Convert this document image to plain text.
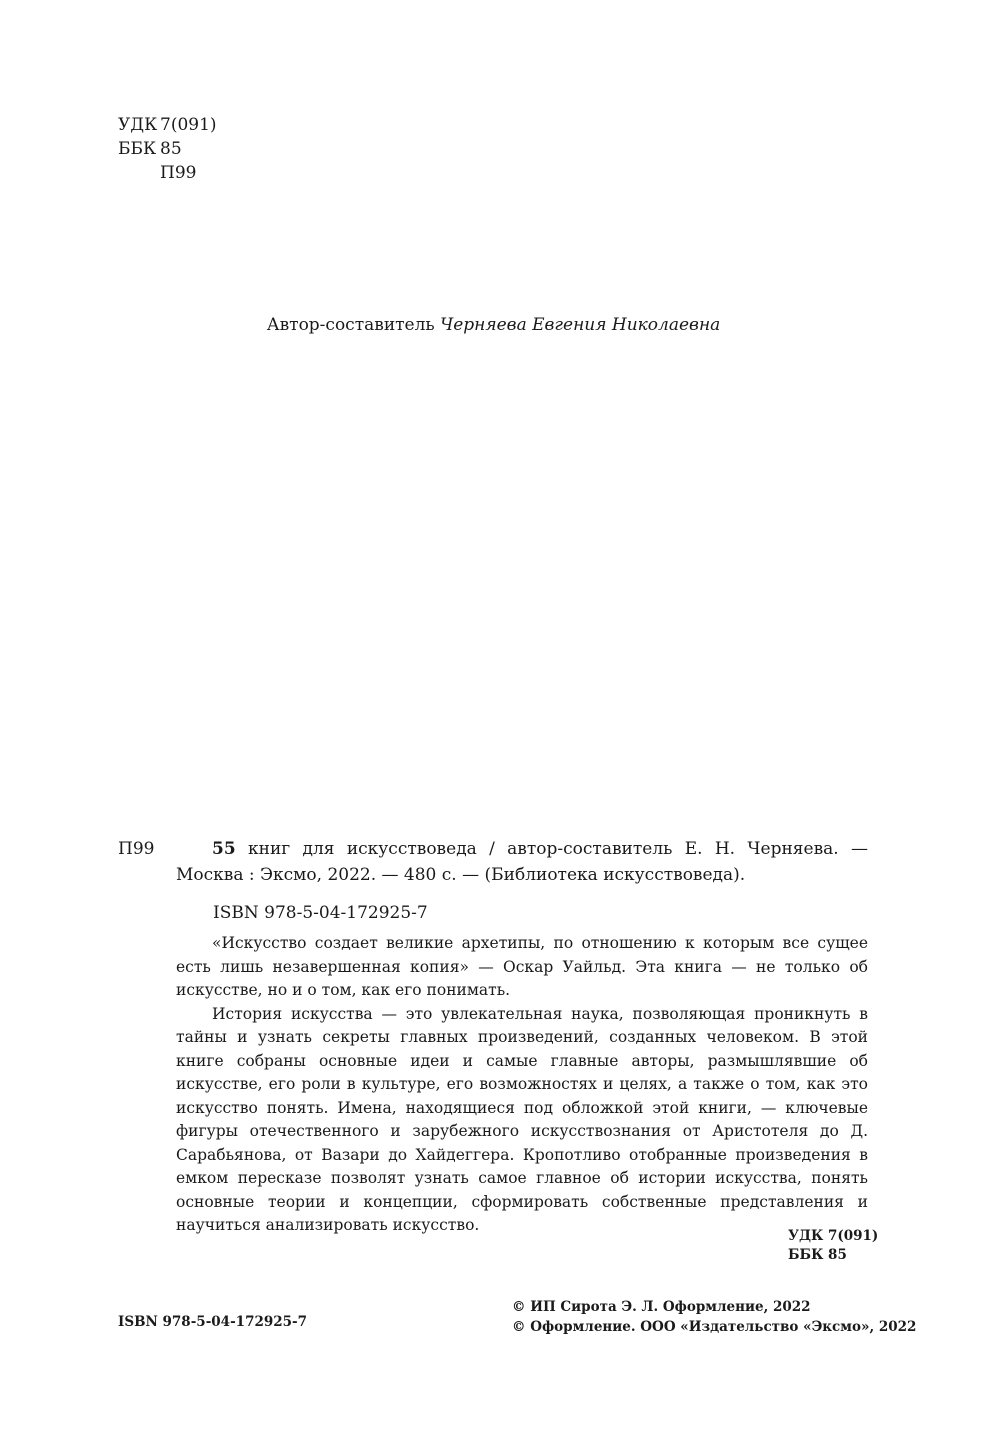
УДК 7(091)
ББК 85
П99
Автор-составитель Черняева Евгения Николаевна
П99	55 книг для искусствоведа / автор-составитель Е. Н. Черняева. —
Москва : Эксмо, 2022. — 480 с. — (Библиотека искусствоведа).
ISBN 978-5-04-172925-7

«Искусство создает великие архетипы, по отношению к которым все сущее есть лишь незавершенная копия» — Оскар Уайльд. Эта книга — не только об искусстве, но и о том, как его понимать.

История искусства — это увлекательная наука, позволяющая проникнуть в тайны и узнать секреты главных произведений, созданных человеком. В этой книге собраны основные идеи и самые главные авторы, размышлявшие об искусстве, его роли в культуре, его возможностях и целях, а также о том, как это искусство понять. Имена, находящиеся под обложкой этой книги, — ключевые фигуры отечественного и зарубежного искусствознания от Аристотеля до Д. Сарабьянова, от Вазари до Хайдеггера. Кропотливо отобранные произведения в емком пересказе позволят узнать самое главное об истории искусства, понять основные теории и концепции, сформировать собственные представления и научиться анализировать искусство.

УДК 7(091)
ББК 85
ISBN 978-5-04-172925-7
© ИП Сирота Э. Л. Оформление, 2022
© Оформление. ООО «Издательство «Эксмо», 2022
